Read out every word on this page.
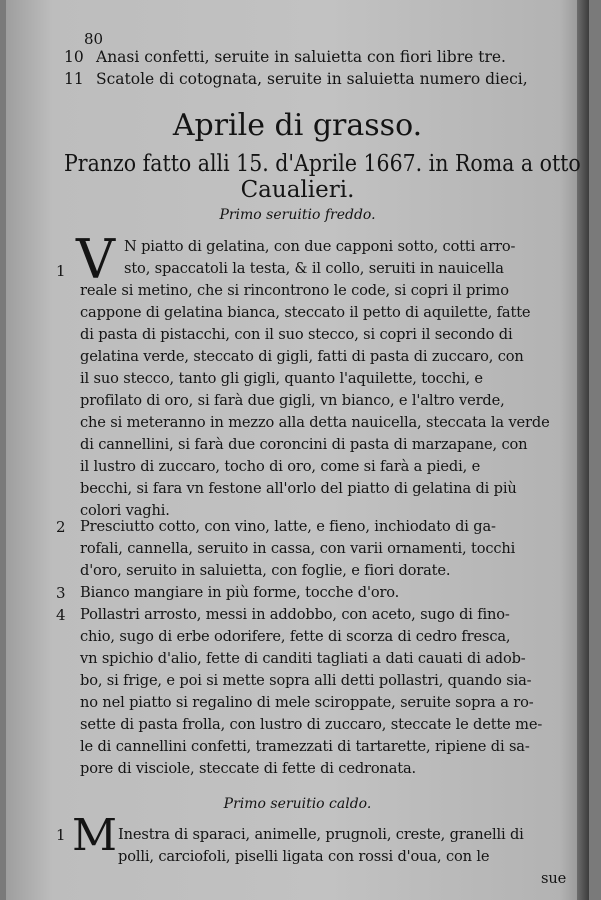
80
10 Anasi confetti, seruite in saluietta con fiori libre tre.
11 Scatole di cotognata, seruite in saluietta numero dieci,
Aprile di grasso.
Pranzo fatto alli 15. d'Aprile 1667. in Roma a otto
Caualieri.
Primo seruitio freddo.
1 V N piatto di gelatina, con due capponi sotto, cotti arro-
sto, spaccatoli la testa, & il collo, seruiti in nauicella
reale si metino, che si rincontrono le code, si copri il primo
cappone di gelatina bianca, steccato il petto di aquilette, fatte
di pasta di pistacchi, con il suo stecco, si copri il secondo di
gelatina verde, steccato di gigli, fatti di pasta di zuccaro, con
il suo stecco, tanto gli gigli, quanto l'aquilette, tocchi, e
profilato di oro, si farà due gigli, vn bianco, e l'altro verde,
che si meteranno in mezzo alla detta nauicella, steccata la verde
di cannellini, si farà due coroncini di pasta di marzapane, con
il lustro di zuccaro, tocho di oro, come si farà a piedi, e
becchi, si fara vn festone all'orlo del piatto di gelatina di più
colori vaghi.
2 Presciutto cotto, con vino, latte, e fieno, inchiodato di ga-
rofali, cannella, seruito in cassa, con varii ornamenti, tocchi
d'oro, seruito in saluietta, con foglie, e fiori dorate.
3 Bianco mangiare in più forme, tocche d'oro.
4 Pollastri arrosto, messi in addobbo, con aceto, sugo di fino-
chio, sugo di erbe odorifere, fette di scorza di cedro fresca,
vn spichio d'alio, fette di canditi tagliati a dati cauati di adob-
bo, si frige, e poi si mette sopra alli detti pollastri, quando sia-
no nel piatto si regalino di mele sciroppate, seruite sopra a ro-
sette di pasta frolla, con lustro di zuccaro, steccate le dette me-
le di cannellini confetti, tramezzati di tartarette, ripiene di sa-
pore di visciole, steccate di fette di cedronata.
Primo seruitio caldo.
1 M Inestra di sparaci, animelle, prugnoli, creste, granelli di
polli, carciofoli, piselli ligata con rossi d'oua, con le
sue
